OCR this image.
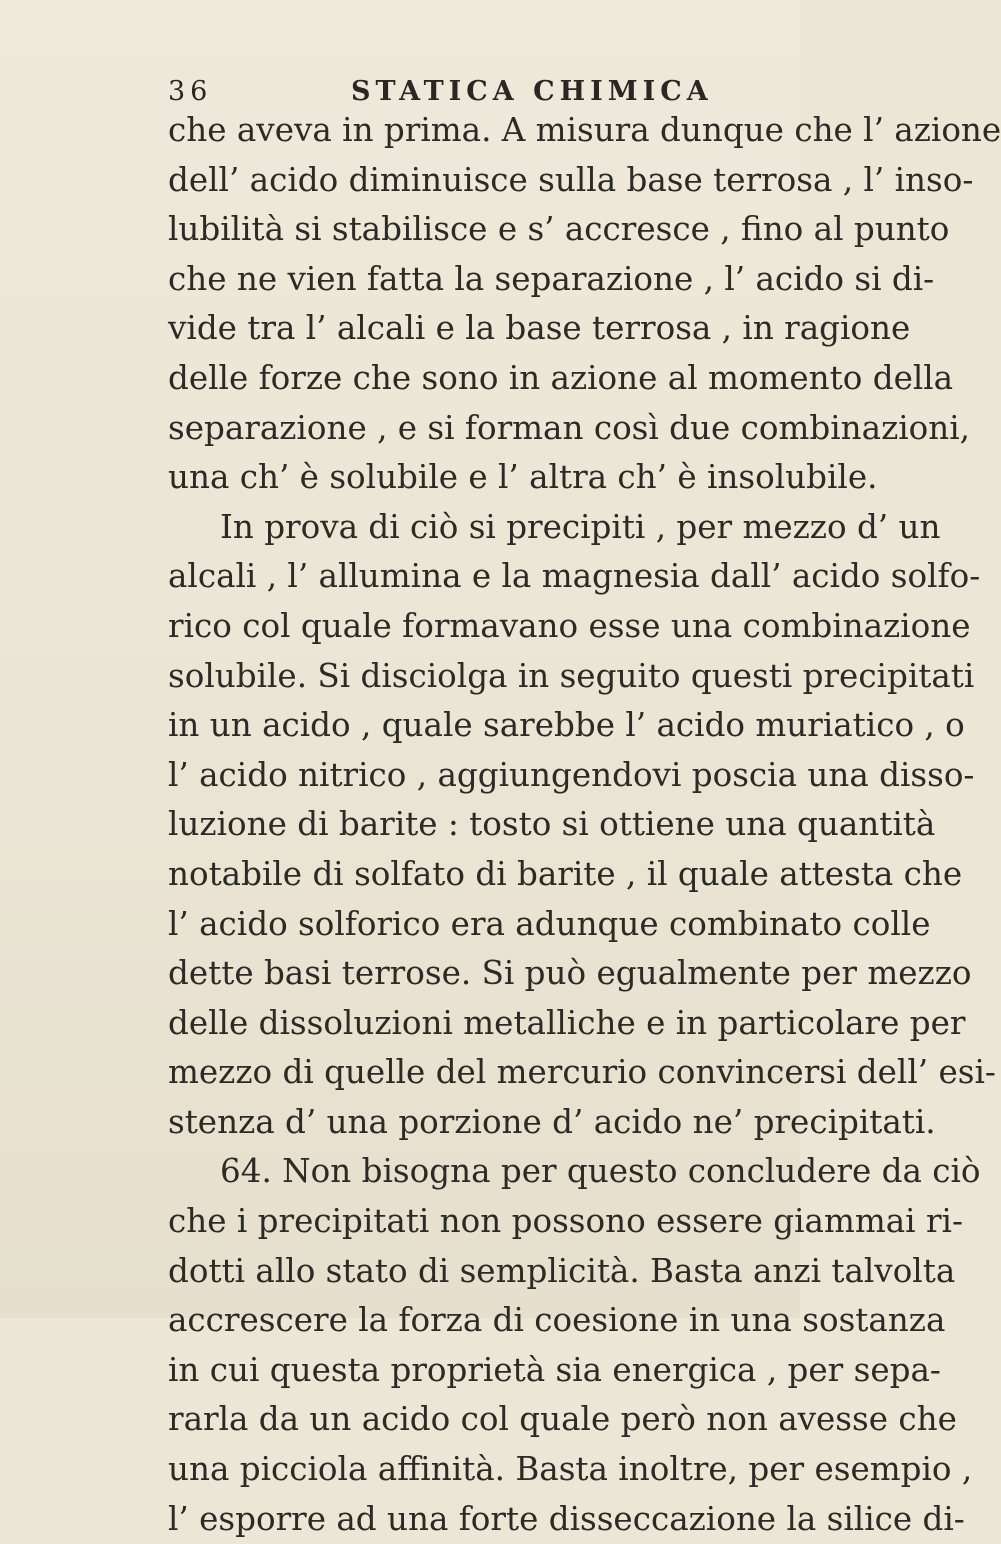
36	STATICA CHIMICA
che aveva in prima. A misura dunque che l’ azione
dell’ acido diminuisce sulla base terrosa , l’ inso-
lubilità si stabilisce e s’ accresce , fino al punto
che ne vien fatta la separazione , l’ acido si di-
vide tra l’ alcali e la base terrosa , in ragione
delle forze che sono in azione al momento della
separazione , e si forman così due combinazioni,
una ch’ è solubile e l’ altra ch’ è insolubile.
In prova di ciò si precipiti , per mezzo d’ un
alcali , l’ allumina e la magnesia dall’ acido solfo-
rico col quale formavano esse una combinazione
solubile. Si disciolga in seguito questi precipitati
in un acido , quale sarebbe l’ acido muriatico , o
l’ acido nitrico , aggiungendovi poscia una disso-
luzione di barite : tosto si ottiene una quantità
notabile di solfato di barite , il quale attesta che
l’ acido solforico era adunque combinato colle
dette basi terrose. Si può egualmente per mezzo
delle dissoluzioni metalliche e in particolare per
mezzo di quelle del mercurio convincersi dell’ esi-
stenza d’ una porzione d’ acido ne’ precipitati.
64. Non bisogna per questo concludere da ciò
che i precipitati non possono essere giammai ri-
dotti allo stato di semplicità. Basta anzi talvolta
accrescere la forza di coesione in una sostanza
in cui questa proprietà sia energica , per sepa-
rarla da un acido col quale però non avesse che
una picciola affinità. Basta inoltre, per esempio ,
l’ esporre ad una forte disseccazione la silice di-
